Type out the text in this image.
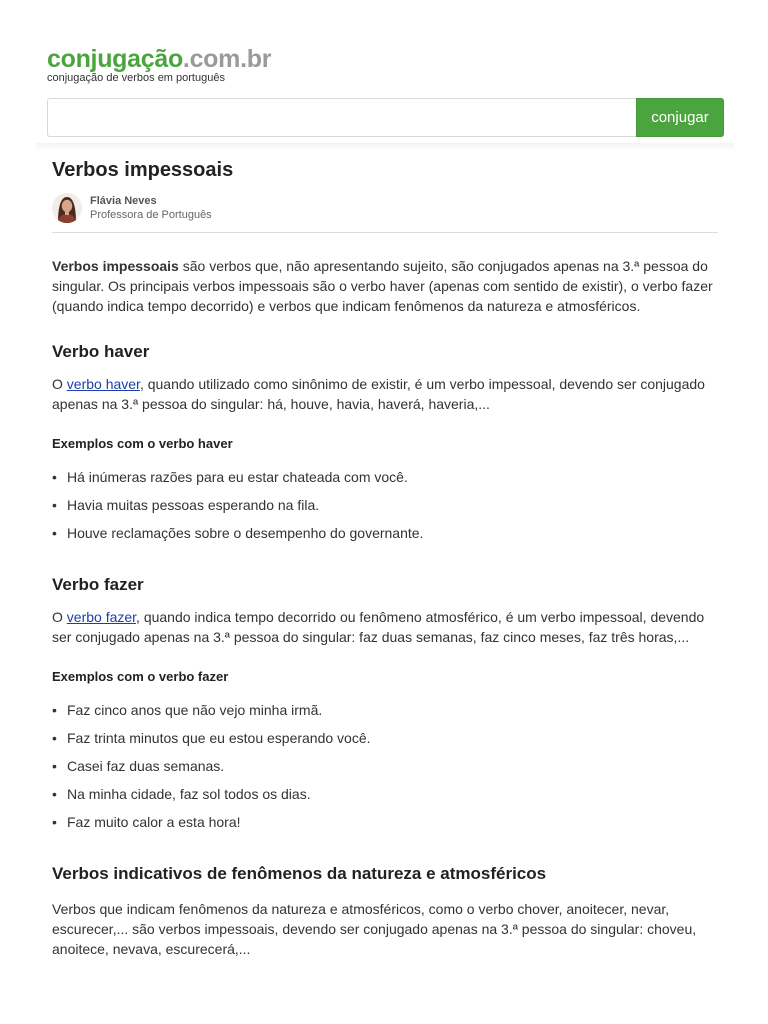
conjugação.com.br
conjugação de verbos em português
conjugar
Verbos impessoais
Flávia Neves
Professora de Português

Verbos impessoais são verbos que, não apresentando sujeito, são conjugados apenas na 3.ª pessoa do singular. Os principais verbos impessoais são o verbo haver (apenas com sentido de existir), o verbo fazer (quando indica tempo decorrido) e verbos que indicam fenômenos da natureza e atmosféricos.

Verbo haver

O verbo haver, quando utilizado como sinônimo de existir, é um verbo impessoal, devendo ser conjugado apenas na 3.ª pessoa do singular: há, houve, havia, haverá, haveria,...

Exemplos com o verbo haver
• Há inúmeras razões para eu estar chateada com você.
• Havia muitas pessoas esperando na fila.
• Houve reclamações sobre o desempenho do governante.
Verbo fazer

O verbo fazer, quando indica tempo decorrido ou fenômeno atmosférico, é um verbo impessoal, devendo ser conjugado apenas na 3.ª pessoa do singular: faz duas semanas, faz cinco meses, faz três horas,...

Exemplos com o verbo fazer
• Faz cinco anos que não vejo minha irmã.
• Faz trinta minutos que eu estou esperando você.
• Casei faz duas semanas.
• Na minha cidade, faz sol todos os dias.
• Faz muito calor a esta hora!
Verbos indicativos de fenômenos da natureza e atmosféricos

Verbos que indicam fenômenos da natureza e atmosféricos, como o verbo chover, anoitecer, nevar, escurecer,... são verbos impessoais, devendo ser conjugado apenas na 3.ª pessoa do singular: choveu, anoitece, nevava, escurecerá,...
